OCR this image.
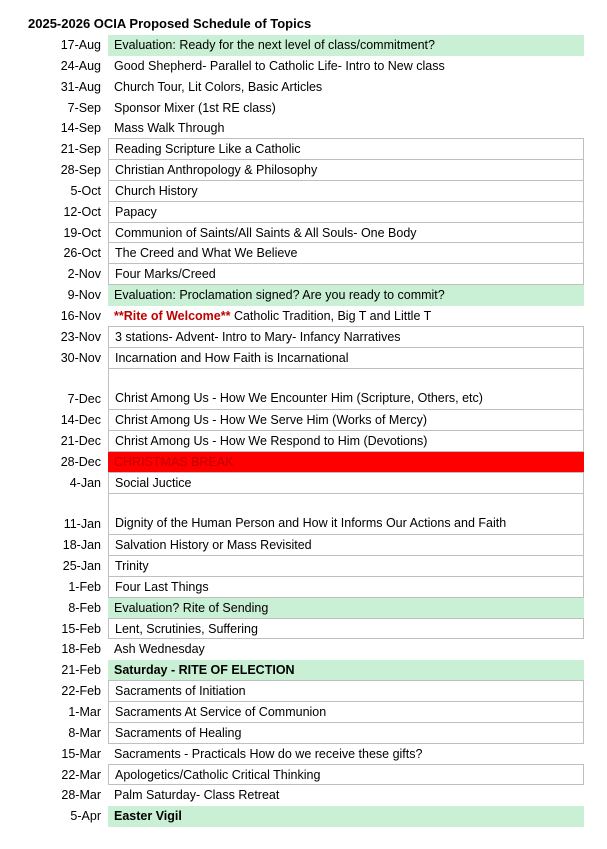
2025-2026 OCIA Proposed Schedule of Topics
17-Aug	Evaluation: Ready for the next level of class/commitment?
24-Aug	Good Shepherd- Parallel to Catholic Life- Intro to New class
31-Aug	Church Tour, Lit Colors, Basic Articles
7-Sep	Sponsor Mixer (1st RE class)
14-Sep	Mass Walk Through
21-Sep	Reading Scripture Like a Catholic
28-Sep	Christian Anthropology & Philosophy
5-Oct	Church History
12-Oct	Papacy
19-Oct	Communion of Saints/All Saints & All Souls- One Body
26-Oct	The Creed and What We Believe
2-Nov	Four Marks/Creed
9-Nov	Evaluation: Proclamation signed? Are you ready to commit?
16-Nov	**Rite of Welcome** Catholic Tradition, Big T and Little T
23-Nov	3 stations- Advent- Intro to Mary- Infancy Narratives
30-Nov	Incarnation and How Faith is Incarnational
7-Dec Christ Among Us - How We Encounter Him (Scripture, Others, etc)
14-Dec	Christ Among Us - How We Serve Him (Works of Mercy)
21-Dec	Christ Among Us - How We Respond to Him (Devotions)
28-Dec	CHRISTMAS BREAK
4-Jan	Social Juctice
11-Jan Dignity of the Human Person and How it Informs Our Actions and Faith
18-Jan	Salvation History or Mass Revisited
25-Jan	Trinity
1-Feb	Four Last Things
8-Feb	Evaluation? Rite of Sending
15-Feb	Lent, Scrutinies, Suffering
18-Feb	Ash Wednesday
21-Feb	Saturday - RITE OF ELECTION
22-Feb	Sacraments of Initiation
1-Mar	Sacraments At Service of Communion
8-Mar	Sacraments of Healing
15-Mar	Sacraments - Practicals How do we receive these gifts?
22-Mar	Apologetics/Catholic Critical Thinking
28-Mar	Palm Saturday- Class Retreat
5-Apr	Easter Vigil
